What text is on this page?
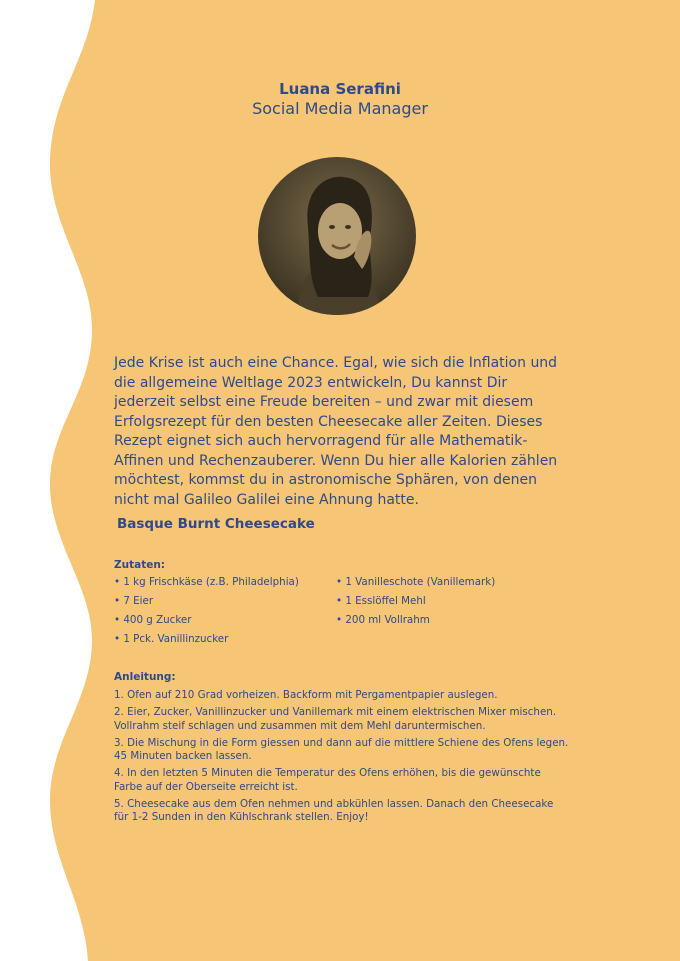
Luana Serafini
Social Media Manager

Jede Krise ist auch eine Chance. Egal, wie sich die Inflation und die allgemeine Weltlage 2023 entwickeln, Du kannst Dir jederzeit selbst eine Freude bereiten – und zwar mit diesem Erfolgsrezept für den besten Cheesecake aller Zeiten. Dieses Rezept eignet sich auch hervorragend für alle Mathematik-Affinen und Rechenzauberer. Wenn Du hier alle Kalorien zählen möchtest, kommst du in astronomische Sphären, von denen nicht mal Galileo Galilei eine Ahnung hatte.

Basque Burnt Cheesecake
Zutaten:
• 1 kg Frischkäse (z.B. Philadelphia)
• 7 Eier
• 400 g Zucker
• 1 Pck. Vanillinzucker
• 1 Vanilleschote (Vanillemark)
• 1 Esslöffel Mehl
• 200 ml Vollrahm
Anleitung:
1. Ofen auf 210 Grad vorheizen. Backform mit Pergamentpapier auslegen.
2. Eier, Zucker, Vanillinzucker und Vanillemark mit einem elektrischen Mixer mischen. Vollrahm steif schlagen und zusammen mit dem Mehl daruntermischen.
3. Die Mischung in die Form giessen und dann auf die mittlere Schiene des Ofens legen. 45 Minuten backen lassen.
4. In den letzten 5 Minuten die Temperatur des Ofens erhöhen, bis die gewünschte Farbe auf der Oberseite erreicht ist.
5. Cheesecake aus dem Ofen nehmen und abkühlen lassen. Danach den Cheesecake für 1-2 Sunden in den Kühlschrank stellen. Enjoy!
